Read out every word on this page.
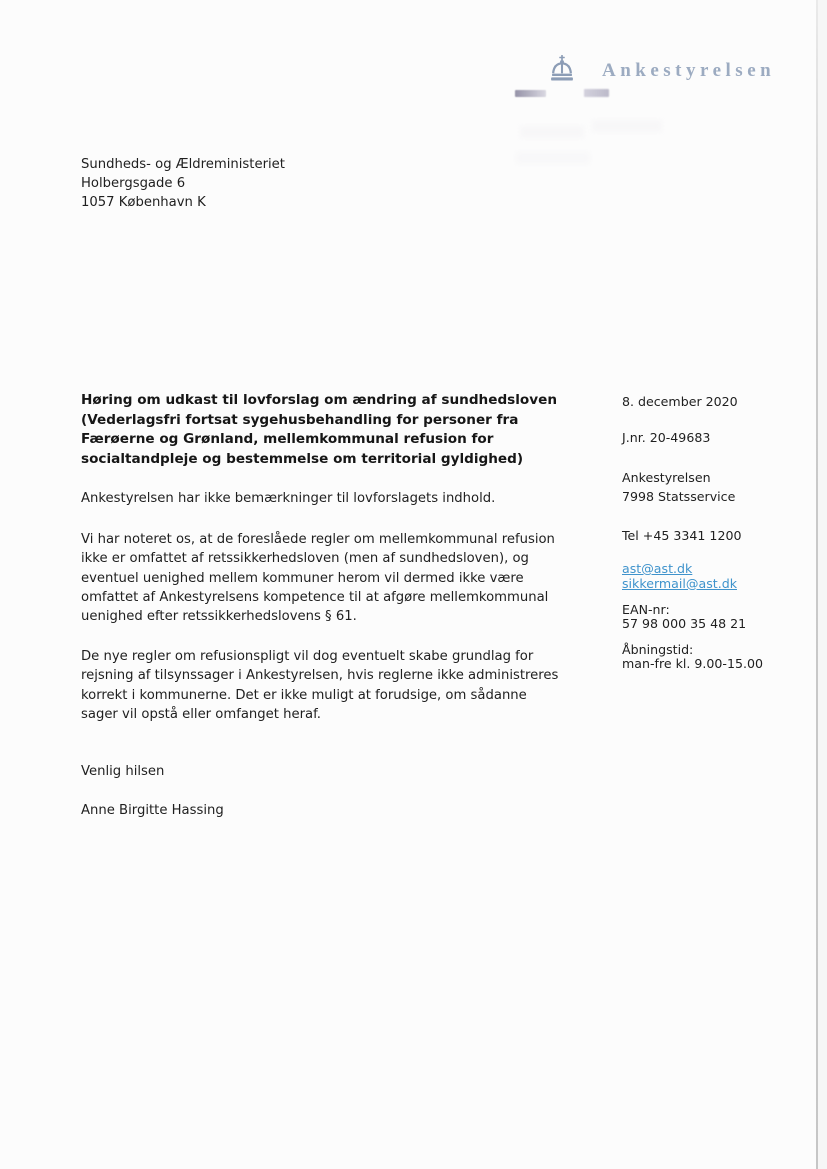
Ankestyrelsen
Sundheds- og Ældreministeriet
Holbergsgade 6
1057 København K
Høring om udkast til lovforslag om ændring af sundhedsloven
(Vederlagsfri fortsat sygehusbehandling for personer fra
Færøerne og Grønland, mellemkommunal refusion for
socialtandpleje og bestemmelse om territorial gyldighed)
Ankestyrelsen har ikke bemærkninger til lovforslagets indhold.
Vi har noteret os, at de foreslåede regler om mellemkommunal refusion
ikke er omfattet af retssikkerhedsloven (men af sundhedsloven), og
eventuel uenighed mellem kommuner herom vil dermed ikke være
omfattet af Ankestyrelsens kompetence til at afgøre mellemkommunal
uenighed efter retssikkerhedslovens § 61.
De nye regler om refusionspligt vil dog eventuelt skabe grundlag for
rejsning af tilsynssager i Ankestyrelsen, hvis reglerne ikke administreres
korrekt i kommunerne. Det er ikke muligt at forudsige, om sådanne
sager vil opstå eller omfanget heraf.
Venlig hilsen
Anne Birgitte Hassing
8. december 2020
J.nr. 20-49683
Ankestyrelsen
7998 Statsservice
Tel +45 3341 1200
ast@ast.dk
sikkermail@ast.dk
EAN-nr:
57 98 000 35 48 21
Åbningstid:
man-fre kl. 9.00-15.00
